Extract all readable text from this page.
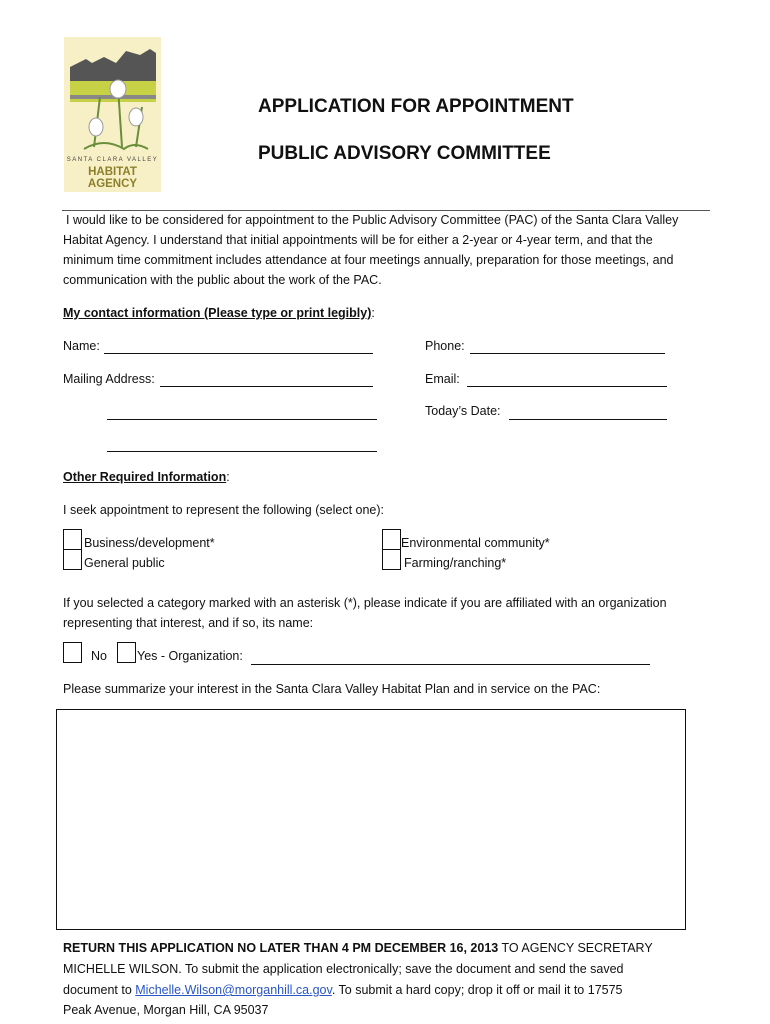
SANTA CLARA VALLEY
HABITAT AGENCY
APPLICATION FOR APPOINTMENT
PUBLIC ADVISORY COMMITTEE
I would like to be considered for appointment to the Public Advisory Committee (PAC) of the Santa Clara Valley
Habitat Agency. I understand that initial appointments will be for either a 2-year or 4-year term, and that the
minimum time commitment includes attendance at four meetings annually, preparation for those meetings, and
communication with the public about the work of the PAC.
My contact information (Please type or print legibly):
Name:	Phone:
Mailing Address:	Email:
Today’s Date:
Other Required Information:
I seek appointment to represent the following (select one):
Business/development*
General public
Environmental community*
Farming/ranching*
If you selected a category marked with an asterisk (*), please indicate if you are affiliated with an organization
representing that interest, and if so, its name:
No Yes - Organization:
Please summarize your interest in the Santa Clara Valley Habitat Plan and in service on the PAC:
RETURN THIS APPLICATION NO LATER THAN 4 PM DECEMBER 16, 2013 TO AGENCY SECRETARY
MICHELLE WILSON. To submit the application electronically; save the document and send the saved
document to Michelle.Wilson@morganhill.ca.gov. To submit a hard copy; drop it off or mail it to 17575
Peak Avenue, Morgan Hill, CA 95037
